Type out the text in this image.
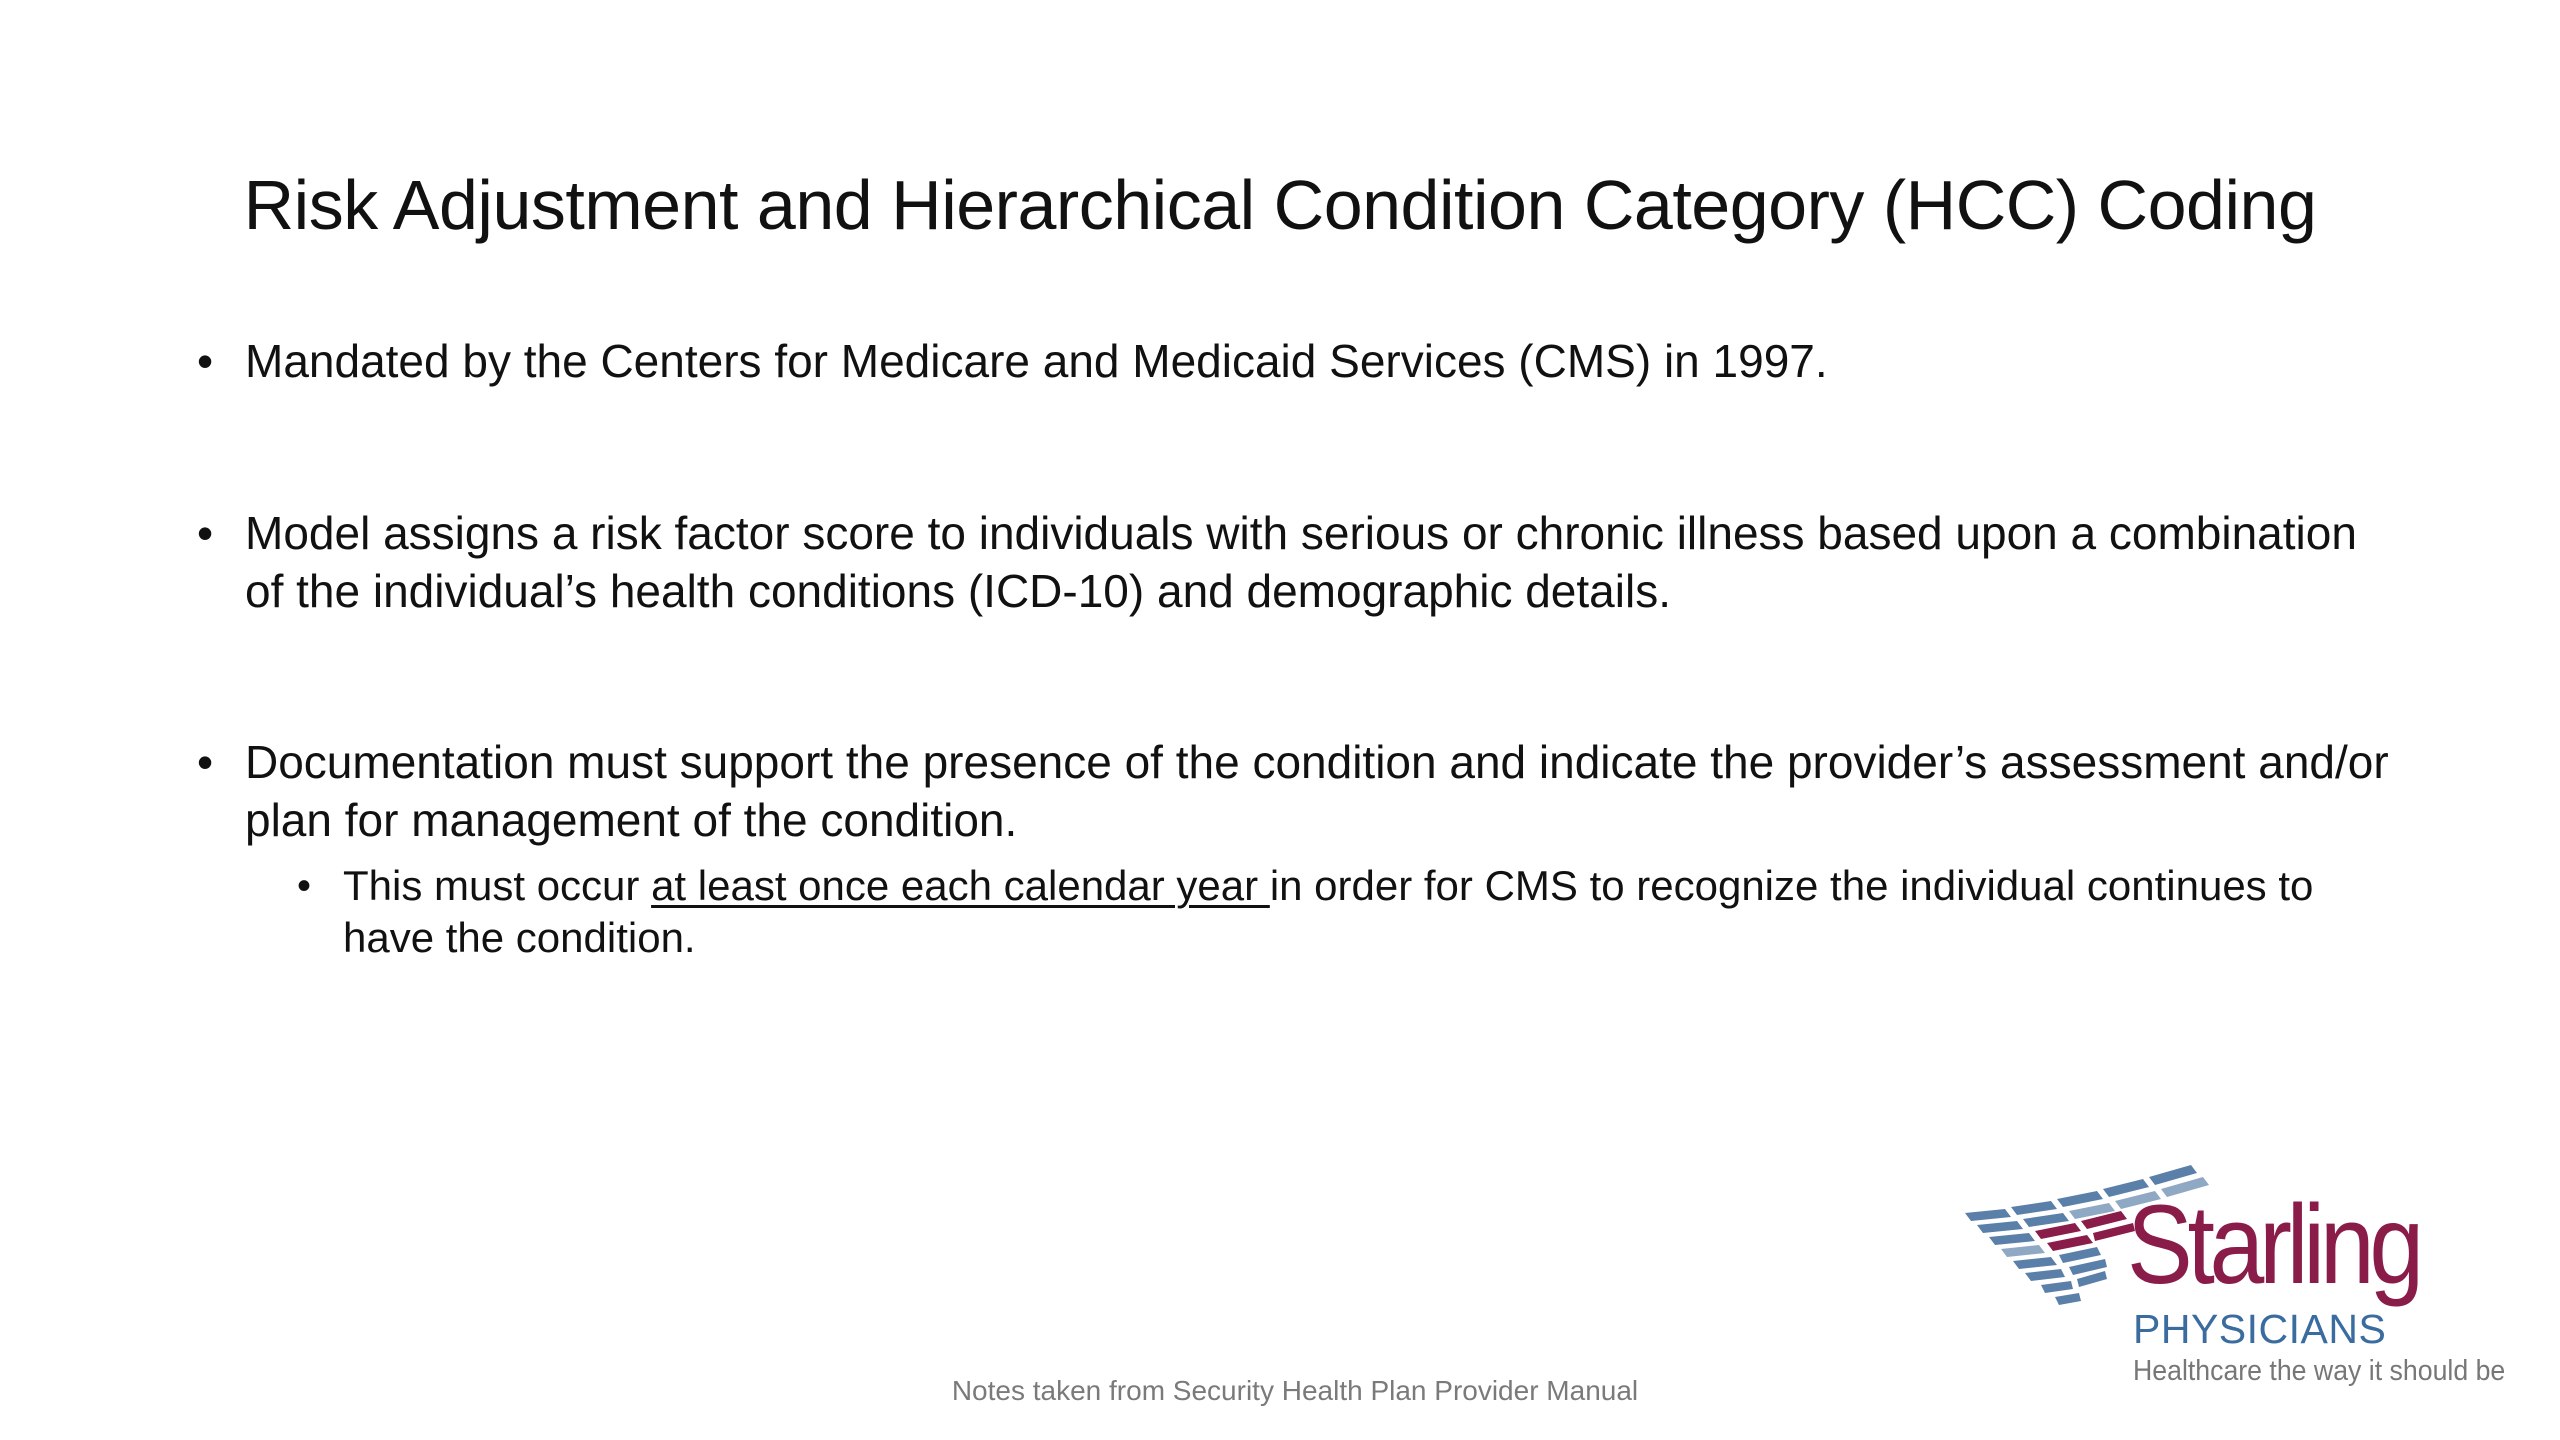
Risk Adjustment and Hierarchical Condition Category (HCC) Coding
• Mandated by the Centers for Medicare and Medicaid Services (CMS) in 1997.
• Model assigns a risk factor score to individuals with serious or chronic illness based upon a combination of the individual’s health conditions (ICD-10) and demographic details.
• Documentation must support the presence of the condition and indicate the provider’s assessment and/or plan for management of the condition.
• This must occur at least once each calendar year in order for CMS to recognize the individual continues to have the condition.
Notes taken from Security Health Plan Provider Manual
Starling
PHYSICIANS
Healthcare the way it should be
